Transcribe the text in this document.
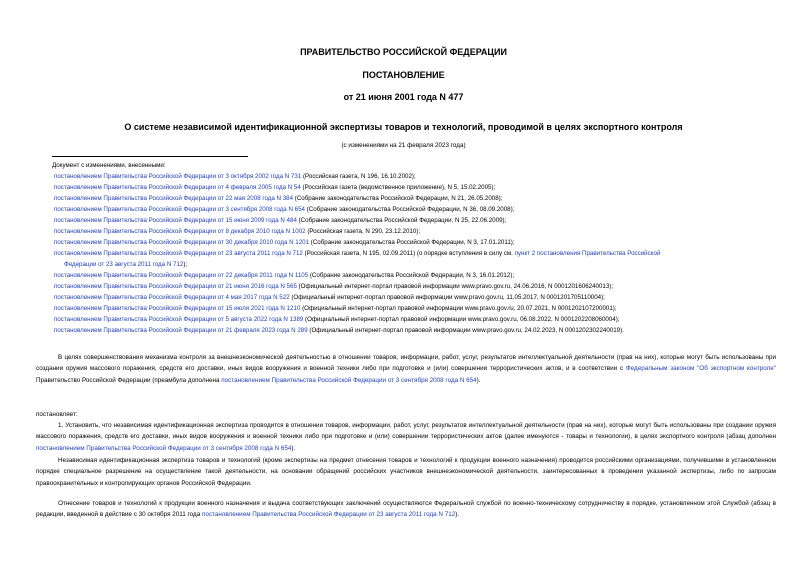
ПРАВИТЕЛЬСТВО РОССИЙСКОЙ ФЕДЕРАЦИИ
ПОСТАНОВЛЕНИЕ
от 21 июня 2001 года N 477
О системе независимой идентификационной экспертизы товаров и технологий, проводимой в целях экспортного контроля
(с изменениями на 21 февраля 2023 года)
Документ с изменениями, внесенными:
постановлением Правительства Российской Федерации от 3 октября 2002 года N 731 (Российская газета, N 196, 16.10.2002);
постановлением Правительства Российской Федерации от 4 февраля 2005 года N 54 (Российская газета (ведомственное приложение), N 5, 15.02.2005);
постановлением Правительства Российской Федерации от 22 мая 2008 года N 384 (Собрание законодательства Российской Федерации, N 21, 26.05.2008);
постановлением Правительства Российской Федерации от 3 сентября 2008 года N 654 (Собрание законодательства Российской Федерации, N 36, 08.09.2008);
постановлением Правительства Российской Федерации от 15 июня 2009 года N 484 (Собрание законодательства Российской Федерации, N 25, 22.06.2009);
постановлением Правительства Российской Федерации от 8 декабря 2010 года N 1002 (Российская газета, N 290, 23.12.2010);
постановлением Правительства Российской Федерации от 30 декабря 2010 года N 1201 (Собрание законодательства Российской Федерации, N 3, 17.01.2011);
постановлением Правительства Российской Федерации от 23 августа 2011 года N 712 (Российская газета, N 195, 02.09.2011) (о порядке вступления в силу см. пункт 2 постановления Правительства Российской
Федерации от 23 августа 2011 года N 712);
постановлением Правительства Российской Федерации от 22 декабря 2011 года N 1105 (Собрание законодательства Российской Федерации, N 3, 16.01.2012);
постановлением Правительства Российской Федерации от 21 июня 2016 года N 565 (Официальный интернет-портал правовой информации www.pravo.gov.ru, 24.06.2016, N 0001201606240013);
постановлением Правительства Российской Федерации от 4 мая 2017 года N 522 (Официальный интернет-портал правовой информации www.pravo.gov.ru, 11.05.2017, N 0001201705110004);
постановлением Правительства Российской Федерации от 15 июля 2021 года N 1210 (Официальный интернет-портал правовой информации www.pravo.gov.ru, 20.07.2021, N 0001202107200001);
постановлением Правительства Российской Федерации от 5 августа 2022 года N 1389 (Официальный интернет-портал правовой информации www.pravo.gov.ru, 06.08.2022, N 0001202208060004);
постановлением Правительства Российской Федерации от 21 февраля 2023 года N 289 (Официальный интернет-портал правовой информации www.pravo.gov.ru, 24.02.2023, N 0001202302240019).
В целях совершенствования механизма контроля за внешнеэкономической деятельностью в отношении товаров, информации, работ, услуг, результатов интеллектуальной деятельности (прав на них), которые могут быть использованы при создании оружия массового поражения, средств его доставки, иных видов вооружения и военной техники либо при подготовке и (или) совершении террористических актов, и в соответствии с Федеральным законом "Об экспортном контроле" Правительство Российской Федерации (преамбула дополнена постановлением Правительства Российской Федерации от 3 сентября 2008 года N 654).
постановляет:
1. Установить, что независимая идентификационная экспертиза проводится в отношении товаров, информации, работ, услуг, результатов интеллектуальной деятельности (прав на них), которые могут быть использованы при создании оружия массового поражения, средств его доставки, иных видов вооружения и военной техники либо при подготовке и (или) совершении террористических актов (далее именуются - товары и технологии), в целях экспортного контроля (абзац дополнен постановлением Правительства Российской Федерации от 3 сентября 2008 года N 654).
Независимая идентификационная экспертиза товаров и технологий (кроме экспертизы на предмет отнесения товаров и технологий к продукции военного назначения) проводится российскими организациями, получившими в установленном порядке специальное разрешение на осуществление такой деятельности, на основании обращений российских участников внешнеэкономической деятельности, заинтересованных в проведении указанной экспертизы, либо по запросам правоохранительных и контролирующих органов Российской Федерации.
Отнесение товаров и технологий к продукции военного назначения и выдача соответствующих заключений осуществляются Федеральной службой по военно-техническому сотрудничеству в порядке, установленном этой Службой (абзац в редакции, введенной в действие с 30 октября 2011 года постановлением Правительства Российской Федерации от 23 августа 2011 года N 712).
